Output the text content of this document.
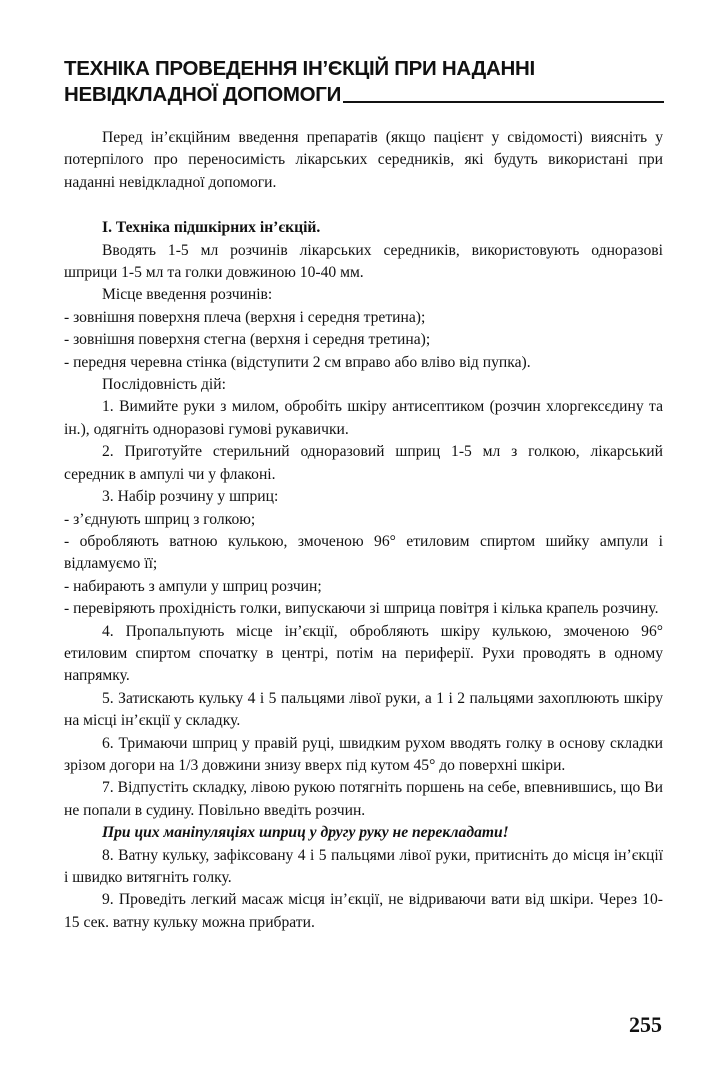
ТЕХНІКА ПРОВЕДЕННЯ ІН’ЄКЦІЙ ПРИ НАДАННІ
НЕВІДКЛАДНОЇ ДОПОМОГИ

Перед ін’єкційним введення препаратів (якщо пацієнт у свідомості) вияснiть у потерпiлого про переносимiсть лiкарських середникiв, якi будуть використанi при наданнi невiдкладної допомоги.

І. Техніка підшкірних ін’єкцій.

Вводять 1-5 мл розчинів лікарських середників, використовують одноразові шприци 1-5 мл та голки довжиною 10-40 мм.

Місце введення розчинів:

- зовнішня поверхня плеча (верхня і середня третина);

- зовнішня поверхня стегна (верхня і середня третина);

- передня черевна стінка (відступити 2 см вправо або вліво від пупка).

Послідовність дій:

1. Вимийте руки з милом, обробіть шкіру антисептиком (розчин хлоргексєдину та ін.), одягніть одноразові гумові рукавички.

2. Приготуйте стерильний одноразовий шприц 1-5 мл з голкою, лікарський середник в ампулі чи у флаконі.

3. Набір розчину у шприц:

- з’єднують шприц з голкою;

- обробляють ватною кулькою, змоченою 96° етиловим спиртом шийку ампули і відламуємо її;

- набирають з ампули у шприц розчин;

- перевіряють прохідність голки, випускаючи зі шприца повітря і кілька крапель розчину.

4. Пропальпують місце ін’єкції, обробляють шкіру кулькою, змоченою 96° етиловим спиртом спочатку в центрі, потім на периферії. Рухи проводять в одному напрямку.

5. Затискають кульку 4 і 5 пальцями лівої руки, а 1 і 2 пальцями захоплюють шкіру на місці ін’єкції у складку.

6. Тримаючи шприц у правій руці, швидким рухом вводять голку в основу складки зрізом догори на 1/3 довжини знизу вверх під кутом 45° до поверхні шкіри.

7. Відпустіть складку, лівою рукою потягніть поршень на себе, впевнившись, що Ви не попали в судину. Повільно введіть розчин.

При цих маніпуляціях шприц у другу руку не перекладати!

8. Ватну кульку, зафіксовану 4 і 5 пальцями лівої руки, притисніть до місця ін’єкції і швидко витягніть голку.

9. Проведіть легкий масаж місця ін’єкції, не відриваючи вати від шкіри. Через 10-15 сек. ватну кульку можна прибрати.

255
